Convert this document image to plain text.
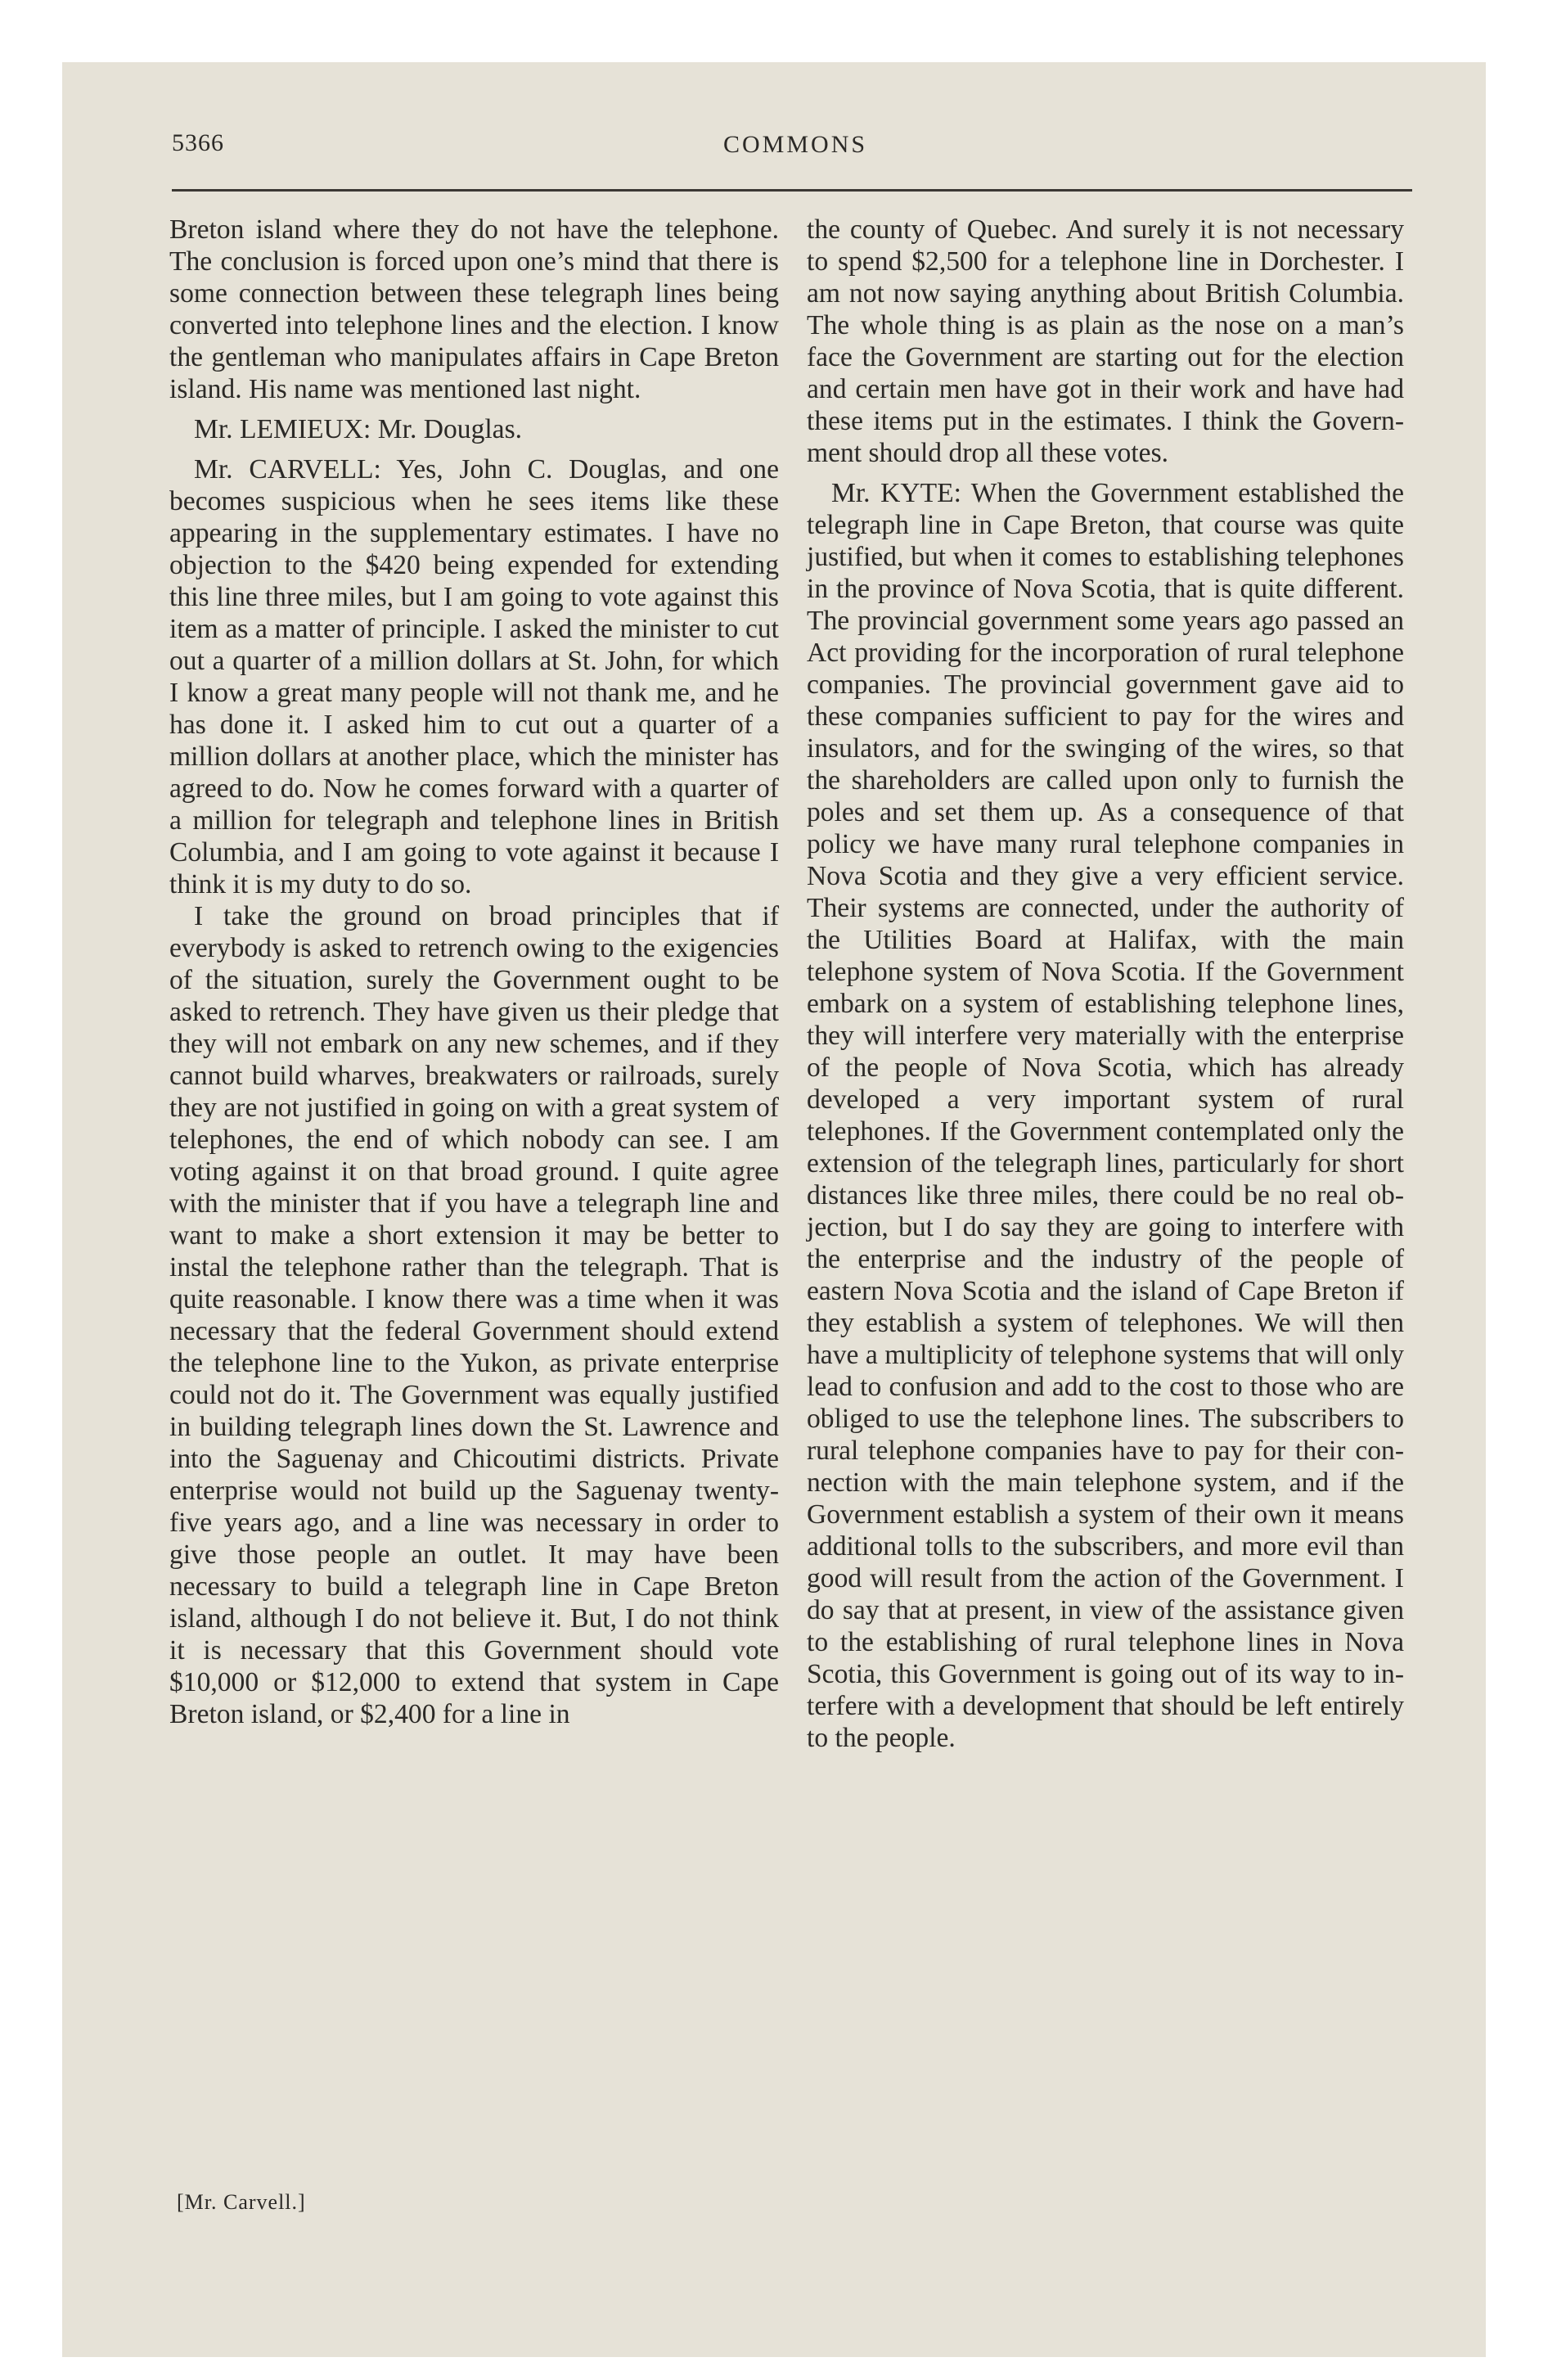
5366	COMMONS

Breton island where they do not have the telephone. The conclusion is forced upon one’s mind that there is some connection between these telegraph lines being converted into telephone lines and the election. I know the gentleman who manipulates affairs in Cape Breton island. His name was mentioned last night.

Mr. LEMIEUX: Mr. Douglas.

Mr. CARVELL: Yes, John C. Douglas, and one becomes suspicious when he sees items like these appearing in the supplementary estimates. I have no objection to the $420 being expended for extending this line three miles, but I am going to vote against this item as a matter of principle. I asked the minister to cut out a quarter of a million dollars at St. John, for which I know a great many people will not thank me, and he has done it. I asked him to cut out a quarter of a million dollars at another place, which the minister has agreed to do. Now he comes forward with a quarter of a million for telegraph and telephone lines in British Columbia, and I am going to vote against it because I think it is my duty to do so.

I take the ground on broad principles that if everybody is asked to retrench owing to the exigencies of the situation, surely the Government ought to be asked to retrench. They have given us their pledge that they will not embark on any new schemes, and if they cannot build wharves, breakwaters or railroads, surely they are not justified in going on with a great system of telephones, the end of which nobody can see. I am voting against it on that broad ground. I quite agree with the minister that if you have a telegraph line and want to make a short extension it may be better to instal the telephone rather than the telegraph. That is quite reasonable. I know there was a time when it was necessary that the federal Government should extend the telephone line to the Yukon, as private enterprise could not do it. The Government was equally justified in building telegraph lines down the St. Lawrence and into the Saguenay and Chicoutimi districts. Private enterprise would not build up the Saguenay twenty-five years ago, and a line was necessary in order to give those people an outlet. It may have been necessary to build a telegraph line in Cape Breton island, although I do not believe it. But, I do not think it is necessary that this Government should vote $10,000 or $12,000 to extend that system in Cape Breton island, or $2,400 for a line in

the county of Quebec. And surely it is not necessary to spend $2,500 for a telephone line in Dorchester. I am not now saying anything about British Columbia. The whole thing is as plain as the nose on a man’s face the Government are starting out for the election and certain men have got in their work and have had these items put in the estimates. I think the Government should drop all these votes.

Mr. KYTE: When the Government established the telegraph line in Cape Breton, that course was quite justified, but when it comes to establishing telephones in the province of Nova Scotia, that is quite different. The provincial government some years ago passed an Act providing for the incorporation of rural telephone companies. The provincial government gave aid to these companies sufficient to pay for the wires and insulators, and for the swinging of the wires, so that the shareholders are called upon only to furnish the poles and set them up. As a consequence of that policy we have many rural telephone companies in Nova Scotia and they give a very efficient service. Their systems are connected, under the authority of the Utilities Board at Halifax, with the main telephone system of Nova Scotia. If the Government embark on a system of establishing telephone lines, they will interfere very materially with the enterprise of the people of Nova Scotia, which has already developed a very important system of rural telephones. If the Government contemplated only the extension of the telegraph lines, particularly for short distances like three miles, there could be no real objection, but I do say they are going to interfere with the enterprise and the industry of the people of eastern Nova Scotia and the island of Cape Breton if they establish a system of telephones. We will then have a multiplicity of telephone systems that will only lead to confusion and add to the cost to those who are obliged to use the telephone lines. The subscribers to rural telephone companies have to pay for their connection with the main telephone system, and if the Government establish a system of their own it means additional tolls to the subscribers, and more evil than good will result from the action of the Government. I do say that at present, in view of the assistance given to the establishing of rural telephone lines in Nova Scotia, this Government is going out of its way to interfere with a development that should be left entirely to the people.

[Mr. Carvell.]
